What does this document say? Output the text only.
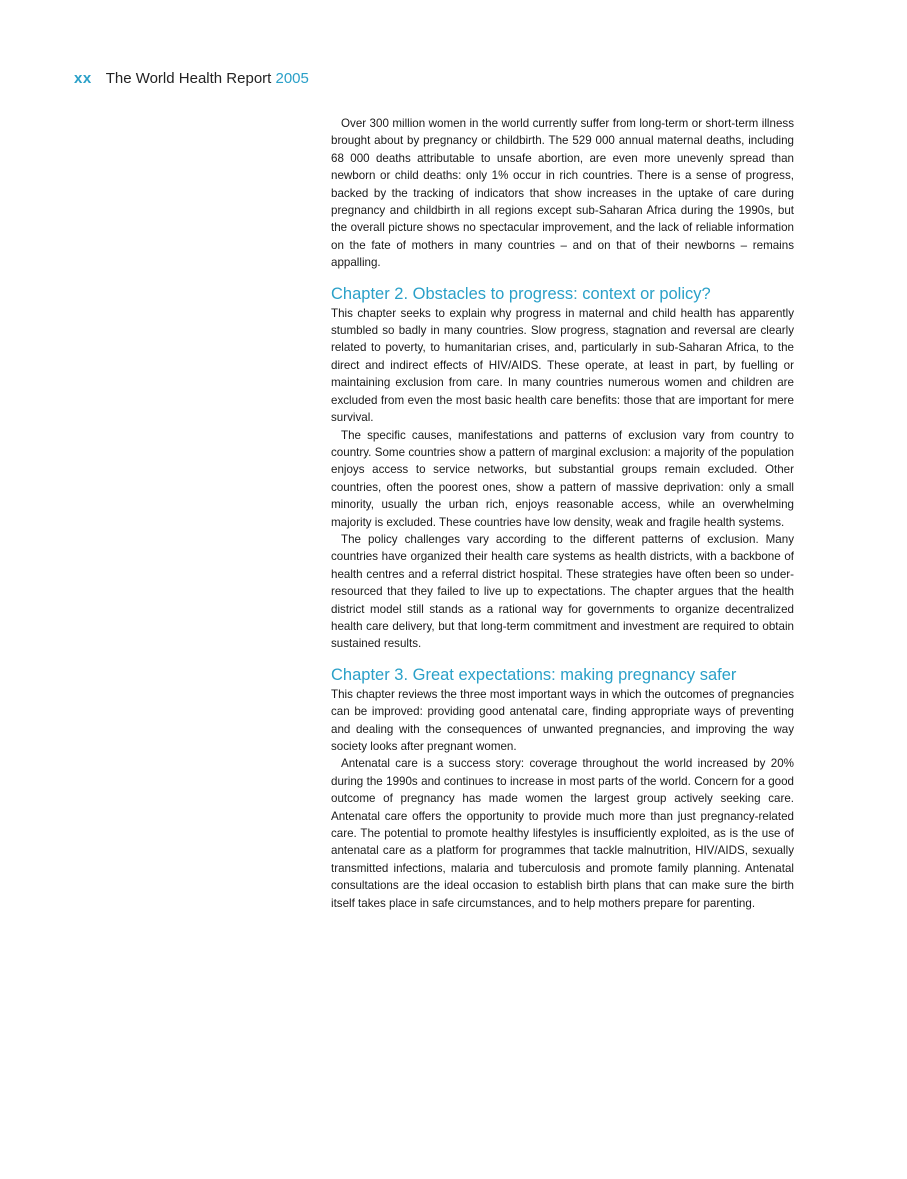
xx The World Health Report 2005

Over 300 million women in the world currently suffer from long-term or short-term illness brought about by pregnancy or childbirth. The 529 000 annual maternal deaths, including 68 000 deaths attributable to unsafe abortion, are even more unevenly spread than newborn or child deaths: only 1% occur in rich countries. There is a sense of progress, backed by the tracking of indicators that show increases in the uptake of care during pregnancy and childbirth in all regions except sub-Saharan Africa during the 1990s, but the overall picture shows no spectacular improvement, and the lack of reliable information on the fate of mothers in many countries – and on that of their newborns – remains appalling.

Chapter 2. Obstacles to progress: context or policy?

This chapter seeks to explain why progress in maternal and child health has apparently stumbled so badly in many countries. Slow progress, stagnation and reversal are clearly related to poverty, to humanitarian crises, and, particularly in sub-Saharan Africa, to the direct and indirect effects of HIV/AIDS. These operate, at least in part, by fuelling or maintaining exclusion from care. In many countries numerous women and children are excluded from even the most basic health care benefits: those that are important for mere survival.

The specific causes, manifestations and patterns of exclusion vary from country to country. Some countries show a pattern of marginal exclusion: a majority of the population enjoys access to service networks, but substantial groups remain excluded. Other countries, often the poorest ones, show a pattern of massive deprivation: only a small minority, usually the urban rich, enjoys reasonable access, while an overwhelming majority is excluded. These countries have low density, weak and fragile health systems.

The policy challenges vary according to the different patterns of exclusion. Many countries have organized their health care systems as health districts, with a backbone of health centres and a referral district hospital. These strategies have often been so under-resourced that they failed to live up to expectations. The chapter argues that the health district model still stands as a rational way for governments to organize decentralized health care delivery, but that long-term commitment and investment are required to obtain sustained results.

Chapter 3. Great expectations: making pregnancy safer

This chapter reviews the three most important ways in which the outcomes of pregnancies can be improved: providing good antenatal care, finding appropriate ways of preventing and dealing with the consequences of unwanted pregnancies, and improving the way society looks after pregnant women.

Antenatal care is a success story: coverage throughout the world increased by 20% during the 1990s and continues to increase in most parts of the world. Concern for a good outcome of pregnancy has made women the largest group actively seeking care. Antenatal care offers the opportunity to provide much more than just pregnancy-related care. The potential to promote healthy lifestyles is insufficiently exploited, as is the use of antenatal care as a platform for programmes that tackle malnutrition, HIV/AIDS, sexually transmitted infections, malaria and tuberculosis and promote family planning. Antenatal consultations are the ideal occasion to establish birth plans that can make sure the birth itself takes place in safe circumstances, and to help mothers prepare for parenting.
